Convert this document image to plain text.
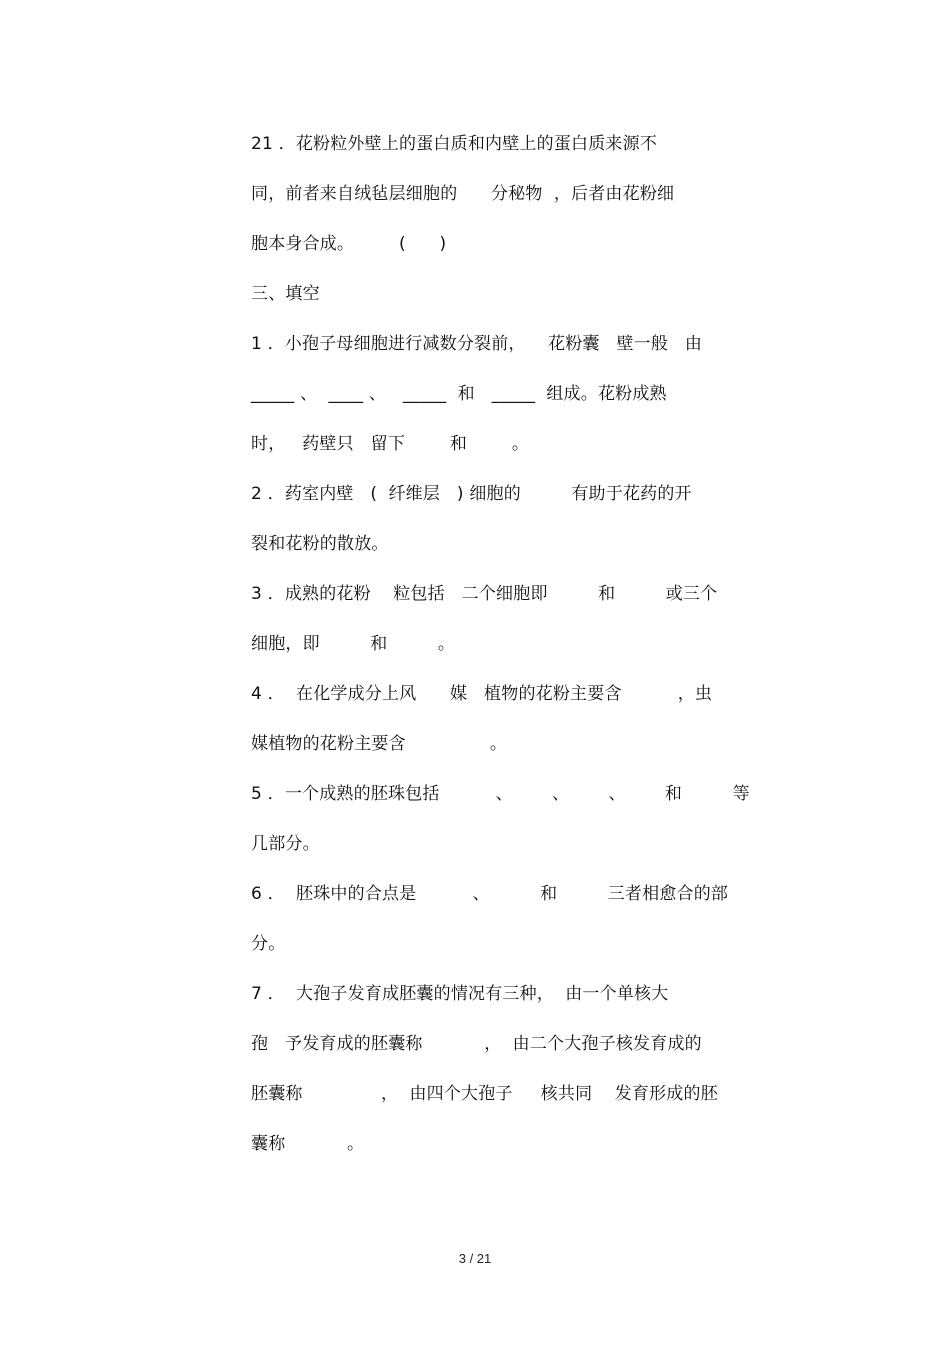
21 ．花粉粒外壁上的蛋白质和内壁上的蛋白质来源不
同，前者来自绒毡层细胞的      分秘物  ，后者由花粉细
胞本身合成。        (      )
三、填空
1 ．小孢子母细胞进行减数分裂前，    花粉囊   壁一般   由
_____ 、  ____ 、   _____  和   _____  组成。花粉成熟
时，   药壁只   留下        和        。
2 ．药室内壁   (  纤维层   ) 细胞的         有助于花药的开
裂和花粉的散放。
3 ．成熟的花粉    粒包括   二个细胞即         和         或三个
细胞，即         和         。
4 ．  在化学成分上风      媒   植物的花粉主要含          ，虫
媒植物的花粉主要含               。
5 ．一个成熟的胚珠包括          、       、       、       和         等
几部分。
6 ．  胚珠中的合点是          、         和         三者相愈合的部
分。
7 ．  大孢子发育成胚囊的情况有三种，  由一个单核大
孢   予发育成的胚囊称           ，  由二个大孢子核发育成的
胚囊称              ，  由四个大孢子     核共同    发育形成的胚
囊称           。
3 / 21
